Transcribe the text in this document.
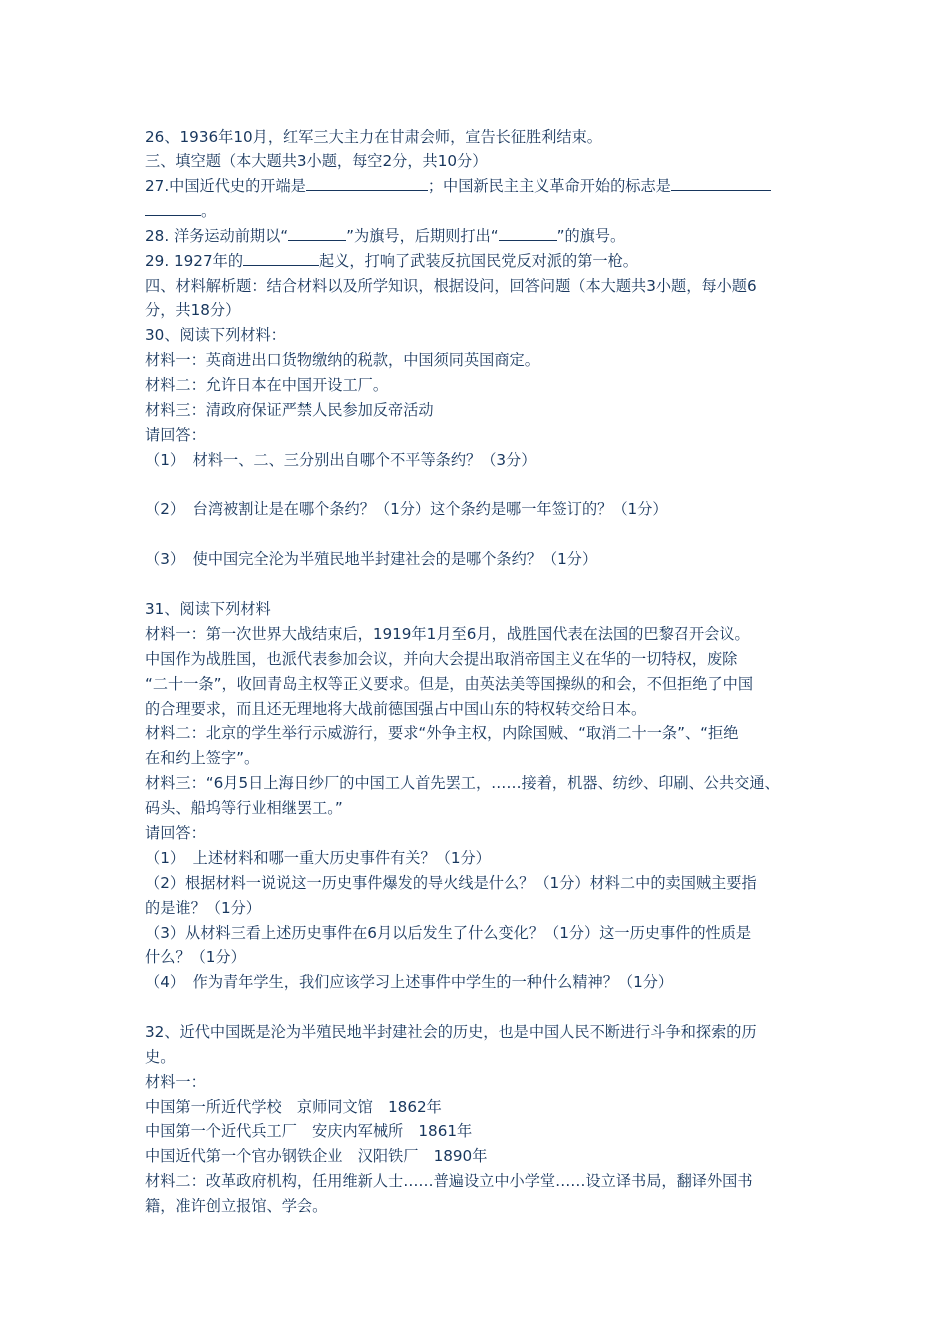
26、1936年10月，红军三大主力在甘肃会师，宣告长征胜利结束。
三、填空题（本大题共3小题，每空2分，共10分）
27.中国近代史的开端是	；中国新民主主义革命开始的标志是
。
28. 洋务运动前期以“	”为旗号，后期则打出“	”的旗号。
29. 1927年的	起义，打响了武装反抗国民党反对派的第一枪。
四、材料解析题：结合材料以及所学知识，根据设问，回答问题（本大题共3小题，每小题6
分，共18分）
30、阅读下列材料：
材料一：英商进出口货物缴纳的税款，中国须同英国商定。
材料二：允许日本在中国开设工厂。
材料三：清政府保证严禁人民参加反帝活动
请回答：
（1）　材料一、二、三分别出自哪个不平等条约？（3分）
（2）　台湾被割让是在哪个条约？（1分）这个条约是哪一年签订的？（1分）
（3）　使中国完全沦为半殖民地半封建社会的是哪个条约？（1分）
31、阅读下列材料
材料一：第一次世界大战结束后，1919年1月至6月，战胜国代表在法国的巴黎召开会议。
中国作为战胜国，也派代表参加会议，并向大会提出取消帝国主义在华的一切特权，废除
“二十一条”，收回青岛主权等正义要求。但是，由英法美等国操纵的和会，不但拒绝了中国
的合理要求，而且还无理地将大战前德国强占中国山东的特权转交给日本。
材料二：北京的学生举行示威游行，要求“外争主权，内除国贼、“取消二十一条”、“拒绝
在和约上签字”。
材料三：“6月5日上海日纱厂的中国工人首先罢工，……接着，机器、纺纱、印刷、公共交通、
码头、船坞等行业相继罢工。”
请回答：
（1）　上述材料和哪一重大历史事件有关？（1分）
（2）根据材料一说说这一历史事件爆发的导火线是什么？（1分）材料二中的卖国贼主要指
的是谁？（1分）
（3）从材料三看上述历史事件在6月以后发生了什么变化？（1分）这一历史事件的性质是
什么？（1分）
（4）　作为青年学生，我们应该学习上述事件中学生的一种什么精神？（1分）
32、近代中国既是沦为半殖民地半封建社会的历史，也是中国人民不断进行斗争和探索的历
史。
材料一：
中国第一所近代学校　京师同文馆　1862年
中国第一个近代兵工厂　安庆内军械所　1861年
中国近代第一个官办钢铁企业　汉阳铁厂　1890年
材料二：改革政府机构，任用维新人士……普遍设立中小学堂……设立译书局，翻译外国书
籍，准许创立报馆、学会。
